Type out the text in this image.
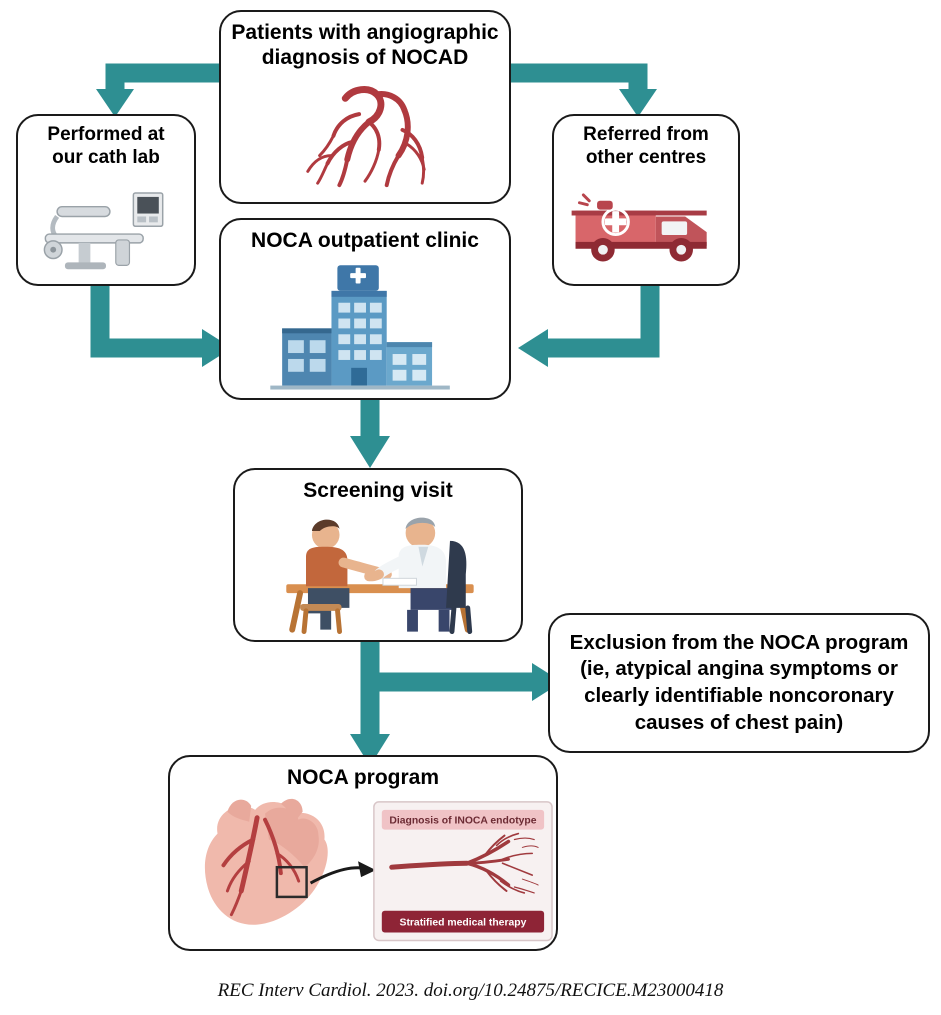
Patients with angiographic
diagnosis of NOCAD
Performed at
our cath lab
Referred from
other centres
NOCA outpatient clinic
Screening visit
Exclusion from the NOCA program
(ie, atypical angina symptoms or
clearly identifiable noncoronary
causes of chest pain)
NOCA program
Diagnosis of INOCA endotype
Stratified medical therapy
REC Interv Cardiol. 2023. doi.org/10.24875/RECICE.M23000418
